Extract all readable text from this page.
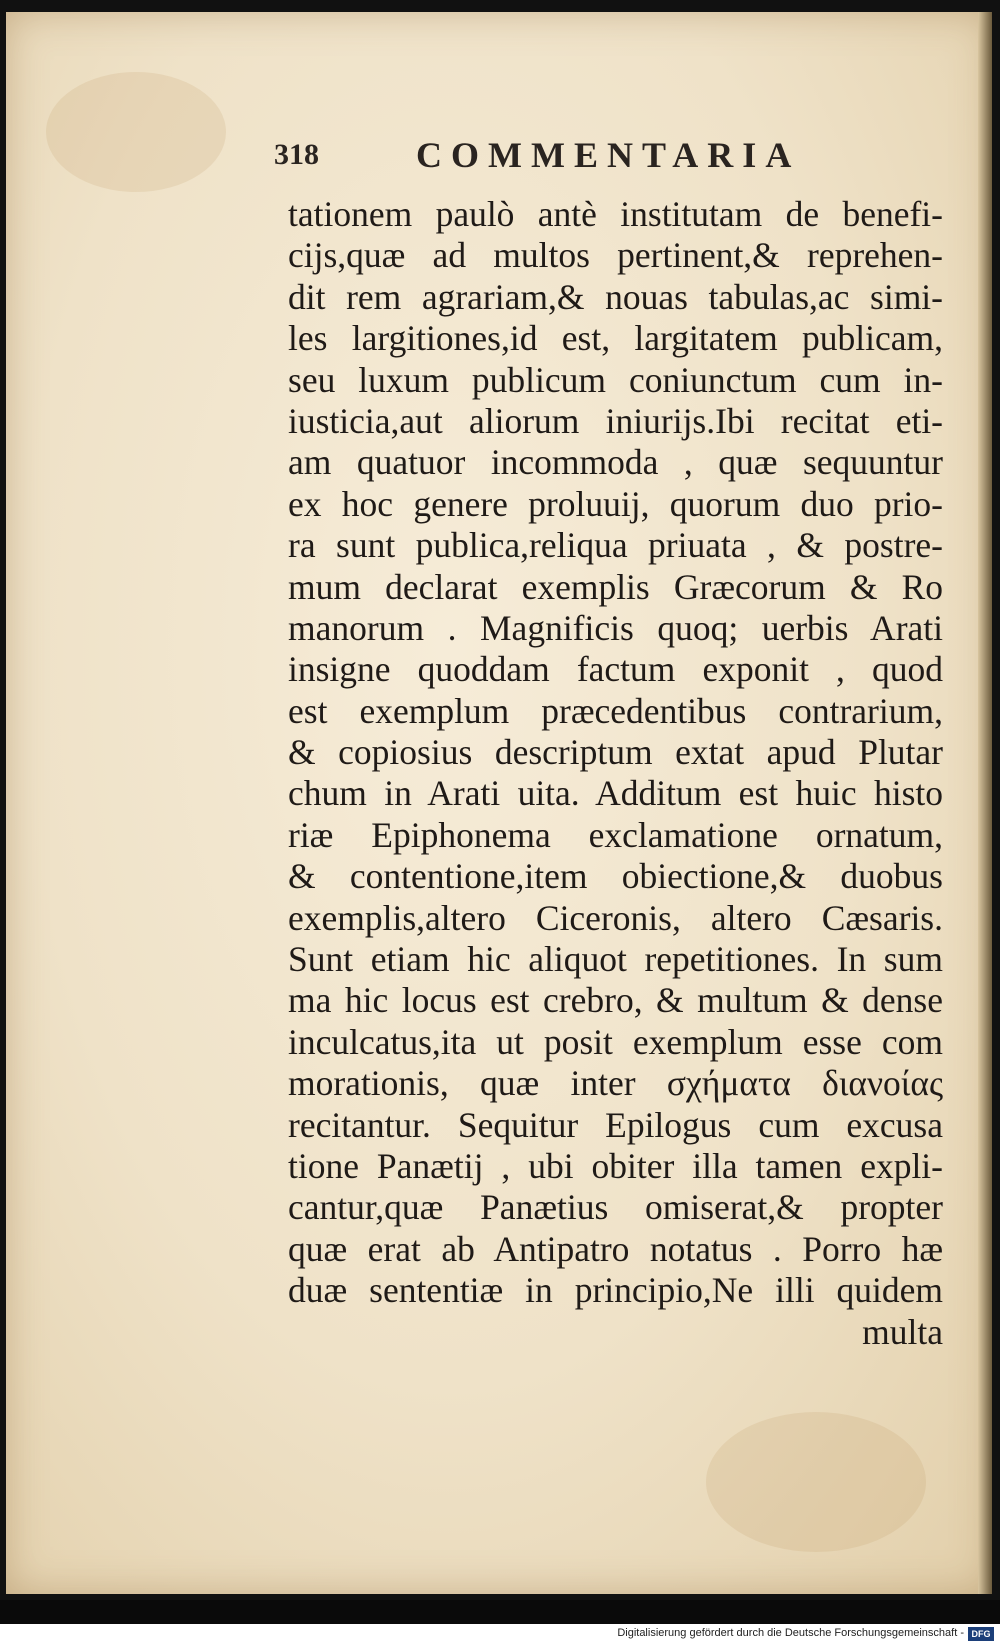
318	COMMENTARIA
tationem paulò antè institutam de benefi-
cijs,quæ ad multos pertinent,& reprehen-
dit rem agrariam,& nouas tabulas,ac simi-
les largitiones,id est, largitatem publicam,
seu luxum publicum coniunctum cum in-
iusticia,aut aliorum iniurijs.Ibi recitat eti-
am quatuor incommoda , quæ sequuntur
ex hoc genere proluuij, quorum duo prio-
ra sunt publica,reliqua priuata , & postre-
mum declarat exemplis Græcorum & Ro
manorum . Magnificis quoq; uerbis Arati
insigne quoddam factum exponit , quod
est exemplum præcedentibus contrarium,
& copiosius descriptum extat apud Plutar
chum in Arati uita. Additum est huic histo
riæ Epiphonema exclamatione ornatum,
& contentione,item obiectione,& duobus
exemplis,altero Ciceronis, altero Cæsaris.
Sunt etiam hic aliquot repetitiones. In sum
ma hic locus est crebro, & multum & dense
inculcatus,ita ut posit exemplum esse com
morationis, quæ inter σχήματα διανοίας
recitantur. Sequitur Epilogus cum excusa
tione Panætij , ubi obiter illa tamen expli-
cantur,quæ Panætius omiserat,& propter
quæ erat ab Antipatro notatus . Porro hæ
duæ sententiæ in principio,Ne illi quidem
multa
Digitalisierung gefördert durch die Deutsche Forschungsgemeinschaft - DFG
